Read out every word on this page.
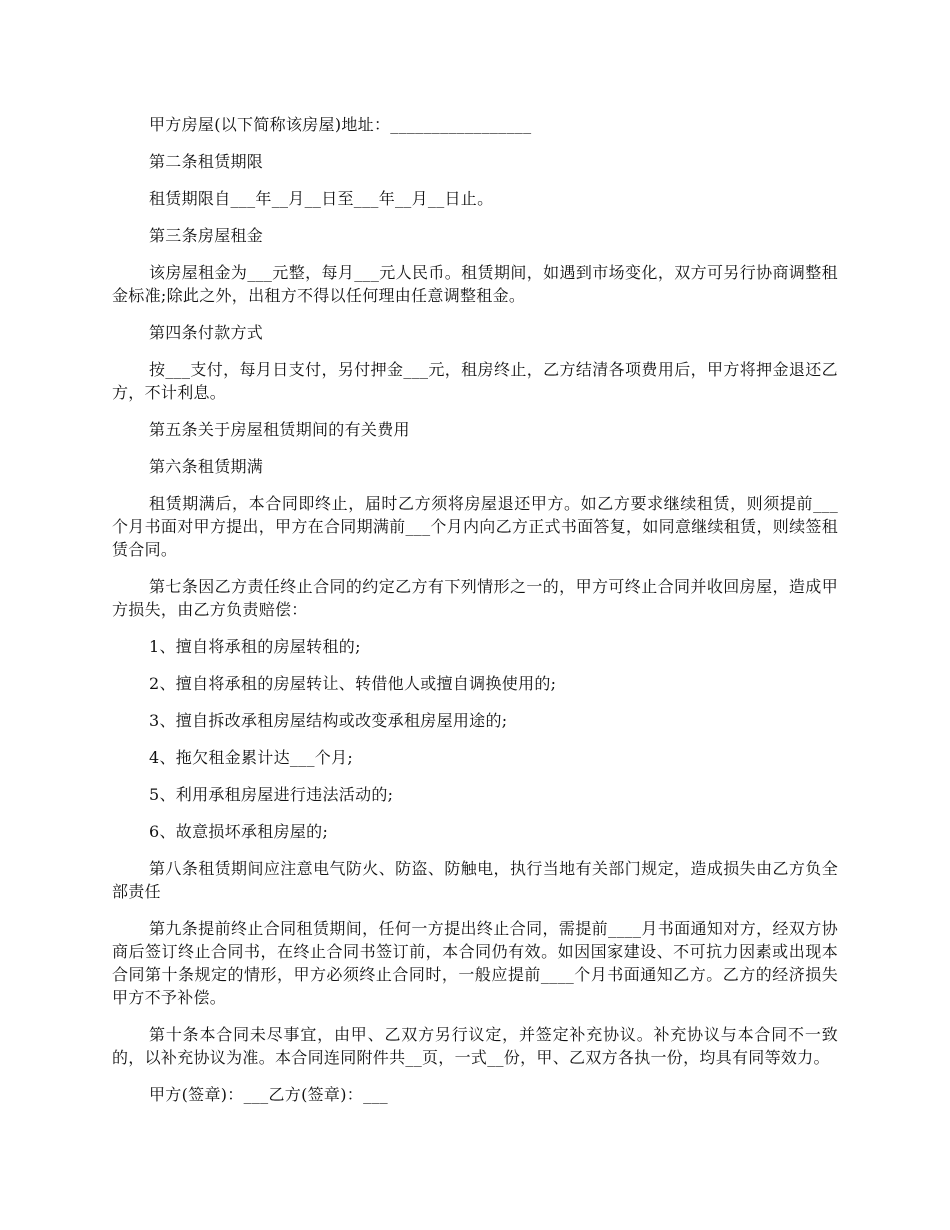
甲方房屋(以下简称该房屋)地址：_________________

第二条租赁期限

租赁期限自___年__月__日至___年__月__日止。

第三条房屋租金

该房屋租金为___元整，每月___元人民币。租赁期间，如遇到市场变化，双方可另行协商调整租金标准;除此之外，出租方不得以任何理由任意调整租金。

第四条付款方式

按___支付，每月日支付，另付押金___元，租房终止，乙方结清各项费用后，甲方将押金退还乙方，不计利息。

第五条关于房屋租赁期间的有关费用

第六条租赁期满

租赁期满后，本合同即终止，届时乙方须将房屋退还甲方。如乙方要求继续租赁，则须提前___个月书面对甲方提出，甲方在合同期满前___个月内向乙方正式书面答复，如同意继续租赁，则续签租赁合同。

第七条因乙方责任终止合同的约定乙方有下列情形之一的，甲方可终止合同并收回房屋，造成甲方损失，由乙方负责赔偿：

1、擅自将承租的房屋转租的;

2、擅自将承租的房屋转让、转借他人或擅自调换使用的;

3、擅自拆改承租房屋结构或改变承租房屋用途的;

4、拖欠租金累计达___个月;

5、利用承租房屋进行违法活动的;

6、故意损坏承租房屋的;

第八条租赁期间应注意电气防火、防盗、防触电，执行当地有关部门规定，造成损失由乙方负全部责任

第九条提前终止合同租赁期间，任何一方提出终止合同，需提前____月书面通知对方，经双方协商后签订终止合同书，在终止合同书签订前，本合同仍有效。如因国家建设、不可抗力因素或出现本合同第十条规定的情形，甲方必须终止合同时，一般应提前____个月书面通知乙方。乙方的经济损失甲方不予补偿。

第十条本合同未尽事宜，由甲、乙双方另行议定，并签定补充协议。补充协议与本合同不一致的，以补充协议为准。本合同连同附件共__页，一式__份，甲、乙双方各执一份，均具有同等效力。

甲方(签章)：___乙方(签章)：___
